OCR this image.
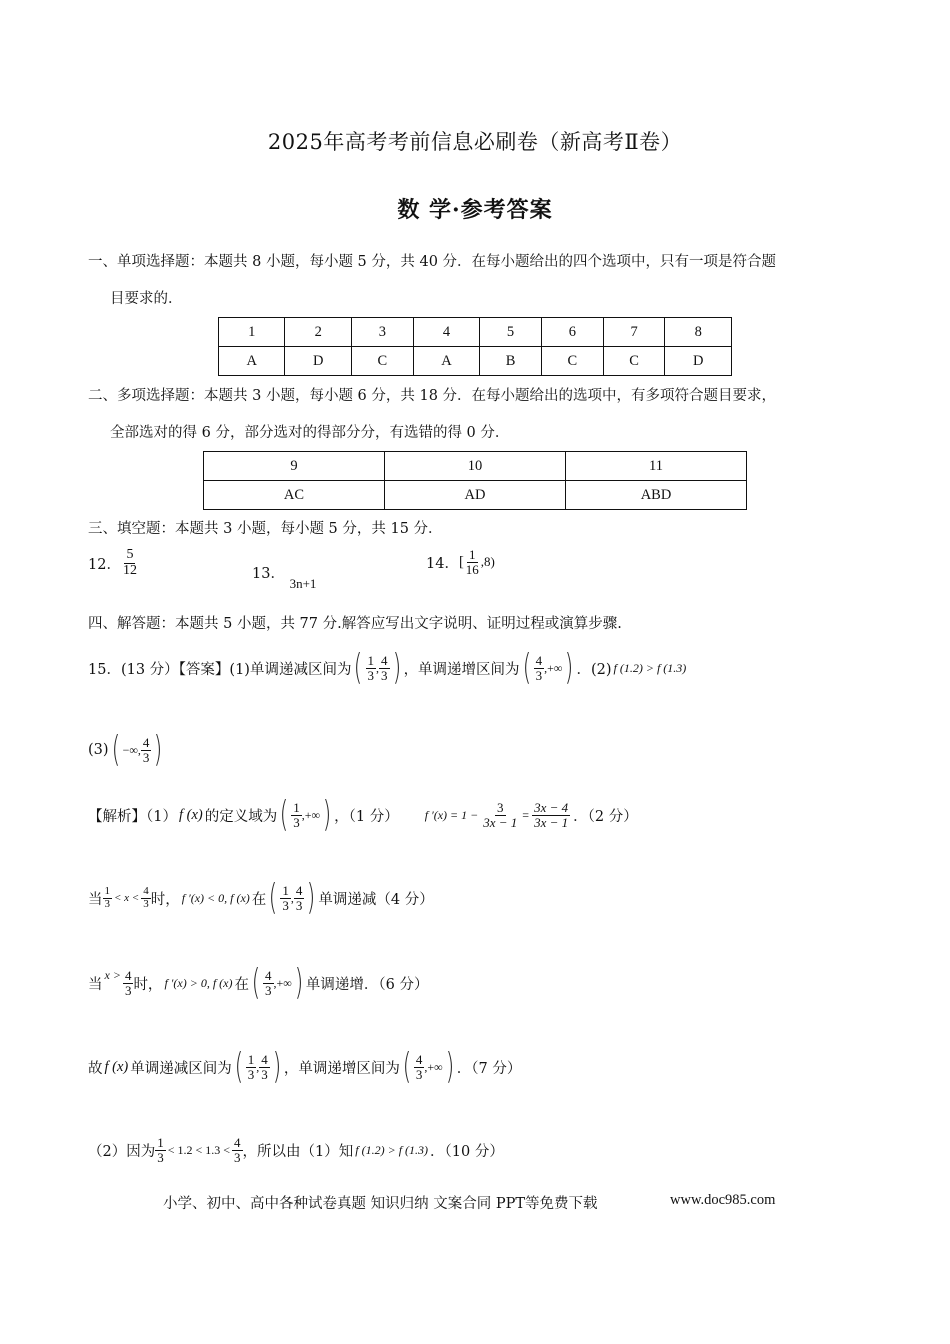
2025年高考考前信息必刷卷（新高考Ⅱ卷）
数 学·参考答案
一、单项选择题：本题共 8 小题，每小题 5 分，共 40 分．在每小题给出的四个选项中，只有一项是符合题
目要求的．
1	2	3	4	5	6	7	8
A	D	C	A	B	C	C	D
二、多项选择题：本题共 3 小题，每小题 6 分，共 18 分．在每小题给出的选项中，有多项符合题目要求，
全部选对的得 6 分，部分选对的得部分分，有选错的得 0 分．
9	10	11
AC	AD	ABD
三、填空题：本题共 3 小题，每小题 5 分，共 15 分．
12． $\frac{5}{12}$	13． 3n+1
14． [ $\frac{1}{16} ,8$)
四、解答题：本题共 5 小题，共 77 分.解答应写出文字说明、证明过程或演算步骤.
15．(13 分）【答案】(1)单调递减区间为 ( $\frac{1}{3}$ , $\frac{4}{3}$ ) ，单调递增区间为 ( $\frac{4}{3}$ , +∞ ) ．(2) f (1.2) > f (1.3)
(3) ( −∞ , $\frac{4}{3}$ )
【解析】（1） f (x) 的定义域为 ( $\frac{1}{3}$ , +∞ ) ，（1 分） f $'(x) = 1 - \frac{3}{3x - 1} = \frac{3x - 4}{3x - 1}$ ．（2 分）
当 $\frac{1}{3} < x < \frac{4}{3}$ 时， f ′(x) < 0, f (x) 在 ( $\frac{1}{3}$ , $\frac{4}{3}$ ) 单调递减（4 分）
当
$x > \frac{4}{3}$ 时， f ′(x) > 0, f (x) 在 ( $\frac{4}{3}$ , +∞ ) 单调递增．（6 分）
故 f (x) 单调递减区间为 ( $\frac{1}{3}$ , $\frac{4}{3}$ ) ，单调递增区间为 ( $\frac{4}{3}$ , +∞ ) ．（7 分）
（2）因为 $\frac{1}{3} < 1.2 < 1.3 < \frac{4}{3}$ ，所以由（1）知 f (1.2) > f (1.3) ．（10 分）
小学、初中、高中各种试卷真题 知识归纳 文案合同 PPT等免费下载	www.doc985.com
